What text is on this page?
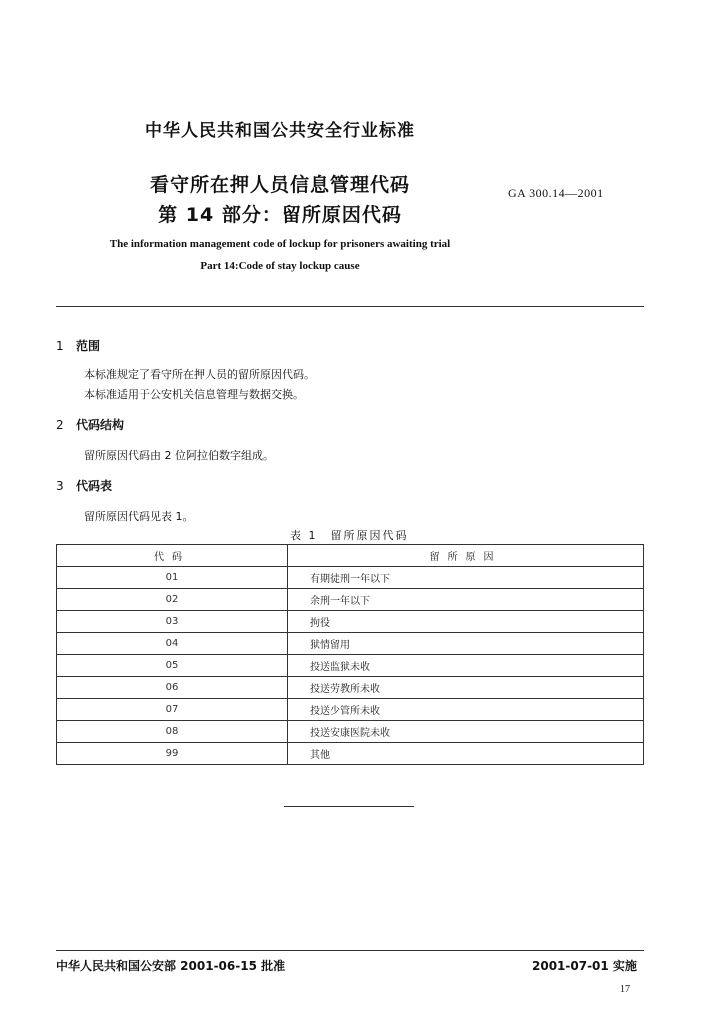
中华人民共和国公共安全行业标准
看守所在押人员信息管理代码
第 14 部分：留所原因代码
GA 300.14—2001
The information management code of lockup for prisoners awaiting trial
Part 14:Code of stay lockup cause
1 范围
本标准规定了看守所在押人员的留所原因代码。
本标准适用于公安机关信息管理与数据交换。
2 代码结构
留所原因代码由 2 位阿拉伯数字组成。
3 代码表
留所原因代码见表 1。
表 1　留所原因代码
代码	留所原因
01	有期徒刑一年以下
02	余刑一年以下
03	拘役
04	狱情留用
05	投送监狱未收
06	投送劳教所未收
07	投送少管所未收
08	投送安康医院未收
99	其他
中华人民共和国公安部 2001-06-15 批准	2001-07-01 实施
17
